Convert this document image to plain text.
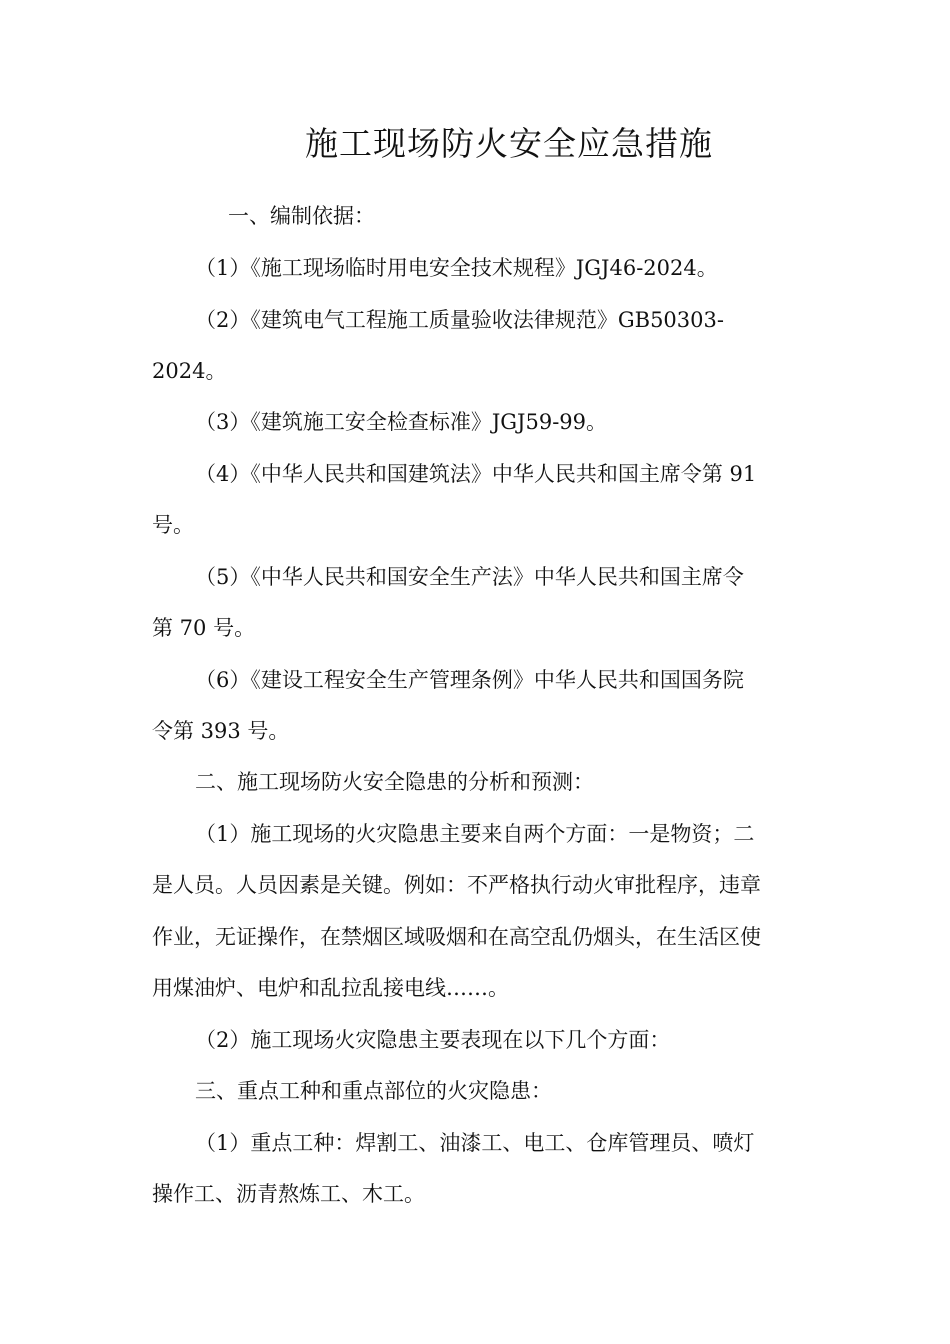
施工现场防火安全应急措施
一、编制依据：
（1）《施工现场临时用电安全技术规程》JGJ46-2024。
（2）《建筑电气工程施工质量验收法律规范》GB50303-
2024。
（3）《建筑施工安全检查标准》JGJ59-99。
（4）《中华人民共和国建筑法》中华人民共和国主席令第 91
号。
（5）《中华人民共和国安全生产法》中华人民共和国主席令
第 70 号。
（6）《建设工程安全生产管理条例》中华人民共和国国务院
令第 393 号。
二、施工现场防火安全隐患的分析和预测：
（1）施工现场的火灾隐患主要来自两个方面：一是物资；二
是人员。人员因素是关键。例如：不严格执行动火审批程序，违章
作业，无证操作，在禁烟区域吸烟和在高空乱仍烟头，在生活区使
用煤油炉、电炉和乱拉乱接电线……。
（2）施工现场火灾隐患主要表现在以下几个方面：
三、重点工种和重点部位的火灾隐患：
（1）重点工种：焊割工、油漆工、电工、仓库管理员、喷灯
操作工、沥青熬炼工、木工。
